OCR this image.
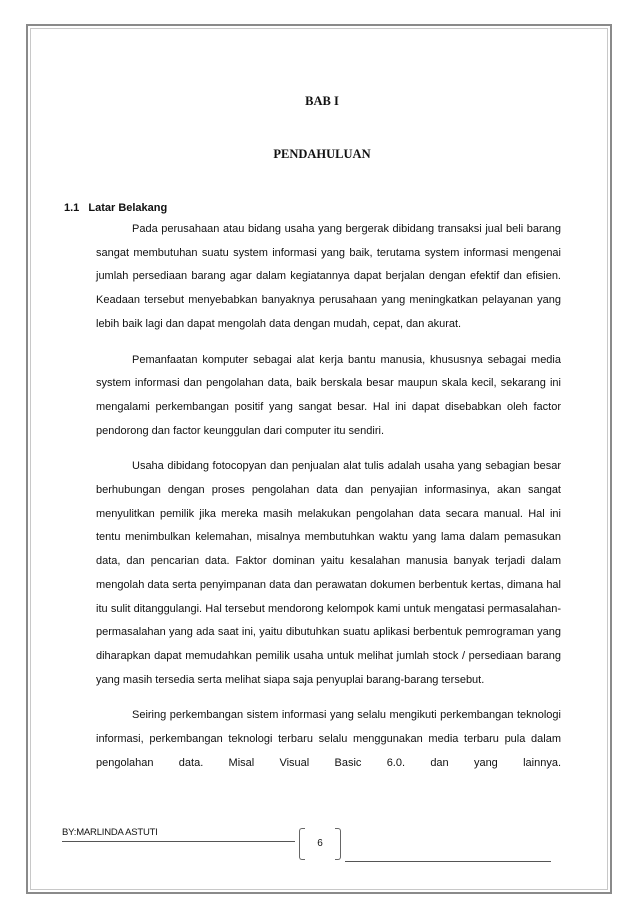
BAB I
PENDAHULUAN
1.1 Latar Belakang

Pada perusahaan atau bidang usaha yang bergerak dibidang transaksi jual beli barang sangat membutuhan suatu system informasi yang baik, terutama system informasi mengenai jumlah persediaan barang agar dalam kegiatannya dapat berjalan dengan efektif dan efisien. Keadaan tersebut menyebabkan banyaknya perusahaan yang meningkatkan pelayanan yang lebih baik lagi dan dapat mengolah data dengan mudah, cepat, dan akurat.

Pemanfaatan komputer sebagai alat kerja bantu manusia, khususnya sebagai media system informasi dan pengolahan data, baik berskala besar maupun skala kecil, sekarang ini mengalami perkembangan positif yang sangat besar. Hal ini dapat disebabkan oleh factor pendorong dan factor keunggulan dari computer itu sendiri.

Usaha dibidang fotocopyan dan penjualan alat tulis adalah usaha yang sebagian besar berhubungan dengan proses pengolahan data dan penyajian informasinya, akan sangat menyulitkan pemilik jika mereka masih melakukan pengolahan data secara manual. Hal ini tentu menimbulkan kelemahan, misalnya membutuhkan waktu yang lama dalam pemasukan data, dan pencarian data. Faktor dominan yaitu kesalahan manusia banyak terjadi dalam mengolah data serta penyimpanan data dan perawatan dokumen berbentuk kertas, dimana hal itu sulit ditanggulangi. Hal tersebut mendorong kelompok kami untuk mengatasi permasalahan-permasalahan yang ada saat ini, yaitu dibutuhkan suatu aplikasi berbentuk pemrograman yang diharapkan dapat memudahkan pemilik usaha untuk melihat jumlah stock / persediaan barang yang masih tersedia serta melihat siapa saja penyuplai barang-barang tersebut.

Seiring perkembangan sistem informasi yang selalu mengikuti perkembangan teknologi informasi, perkembangan teknologi terbaru selalu menggunakan media terbaru pula dalam pengolahan data. Misal Visual Basic 6.0. dan yang lainnya.

BY:MARLINDA ASTUTI
6
